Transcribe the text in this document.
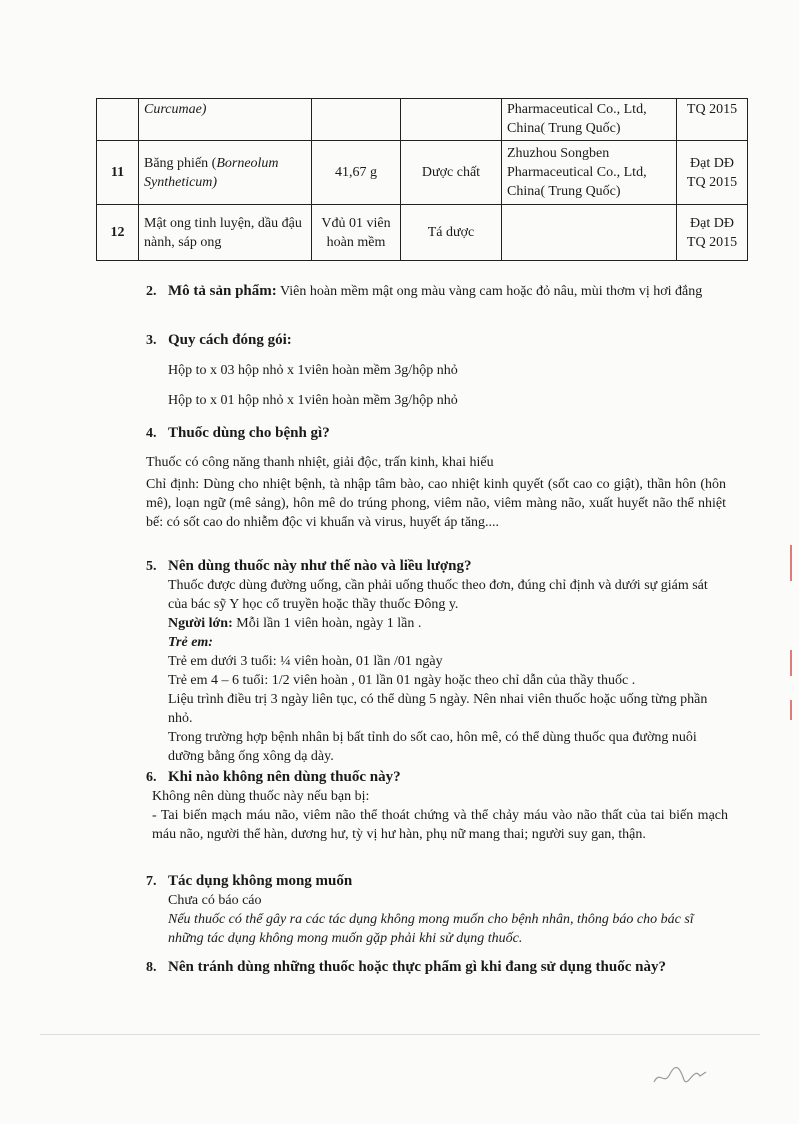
	Curcumae)			Pharmaceutical Co., Ltd, China( Trung Quốc)	TQ 2015
11	Băng phiến (Borneolum Syntheticum)	41,67 g	Dược chất	Zhuzhou Songben Pharmaceutical Co., Ltd, China( Trung Quốc)	Đạt DĐ TQ 2015
12	Mật ong tinh luyện, dầu đậu nành, sáp ong	Vđủ 01 viên hoàn mềm	Tá dược		Đạt DĐ TQ 2015

2. Mô tả sản phẩm: Viên hoàn mềm mật ong màu vàng cam hoặc đỏ nâu, mùi thơm vị hơi đắng

3. Quy cách đóng gói:
Hộp to x 03 hộp nhỏ x 1viên hoàn mềm 3g/hộp nhỏ
Hộp to x 01 hộp nhỏ x 1viên hoàn mềm 3g/hộp nhỏ
4. Thuốc dùng cho bệnh gì?
Thuốc có công năng thanh nhiệt, giải độc, trấn kinh, khai hiếu
Chỉ định: Dùng cho nhiệt bệnh, tà nhập tâm bào, cao nhiệt kinh quyết (sốt cao co giật), thần hôn (hôn mê), loạn ngữ (mê sảng), hôn mê do trúng phong, viêm não, viêm màng não, xuất huyết não thể nhiệt bế: có sốt cao do nhiễm độc vi khuẩn và virus, huyết áp tăng....
5. Nên dùng thuốc này như thế nào và liều lượng?

Thuốc được dùng đường uống, cần phải uống thuốc theo đơn, đúng chỉ định và dưới sự giám sát của bác sỹ Y học cổ truyền hoặc thầy thuốc Đông y.

Người lớn: Mỗi lần 1 viên hoàn, ngày 1 lần .

Trẻ em:

Trẻ em dưới 3 tuổi: ¼ viên hoàn, 01 lần /01 ngày

Trẻ em 4 – 6 tuổi: 1/2 viên hoàn , 01 lần 01 ngày hoặc theo chỉ dẫn của thầy thuốc .

Liệu trình điều trị 3 ngày liên tục, có thể dùng 5 ngày. Nên nhai viên thuốc hoặc uống từng phần nhỏ.

Trong trường hợp bệnh nhân bị bất tỉnh do sốt cao, hôn mê, có thể dùng thuốc qua đường nuôi dưỡng bằng ống xông dạ dày.

6. Khi nào không nên dùng thuốc này?

Không nên dùng thuốc này nếu bạn bị:

- Tai biến mạch máu não, viêm não thể thoát chứng và thể chảy máu vào não thất của tai biến mạch máu não, người thể hàn, dương hư, tỳ vị hư hàn, phụ nữ mang thai; người suy gan, thận.

7. Tác dụng không mong muốn

Chưa có báo cáo

Nếu thuốc có thể gây ra các tác dụng không mong muốn cho bệnh nhân, thông báo cho bác sĩ những tác dụng không mong muốn gặp phải khi sử dụng thuốc.

8. Nên tránh dùng những thuốc hoặc thực phẩm gì khi đang sử dụng thuốc này?
